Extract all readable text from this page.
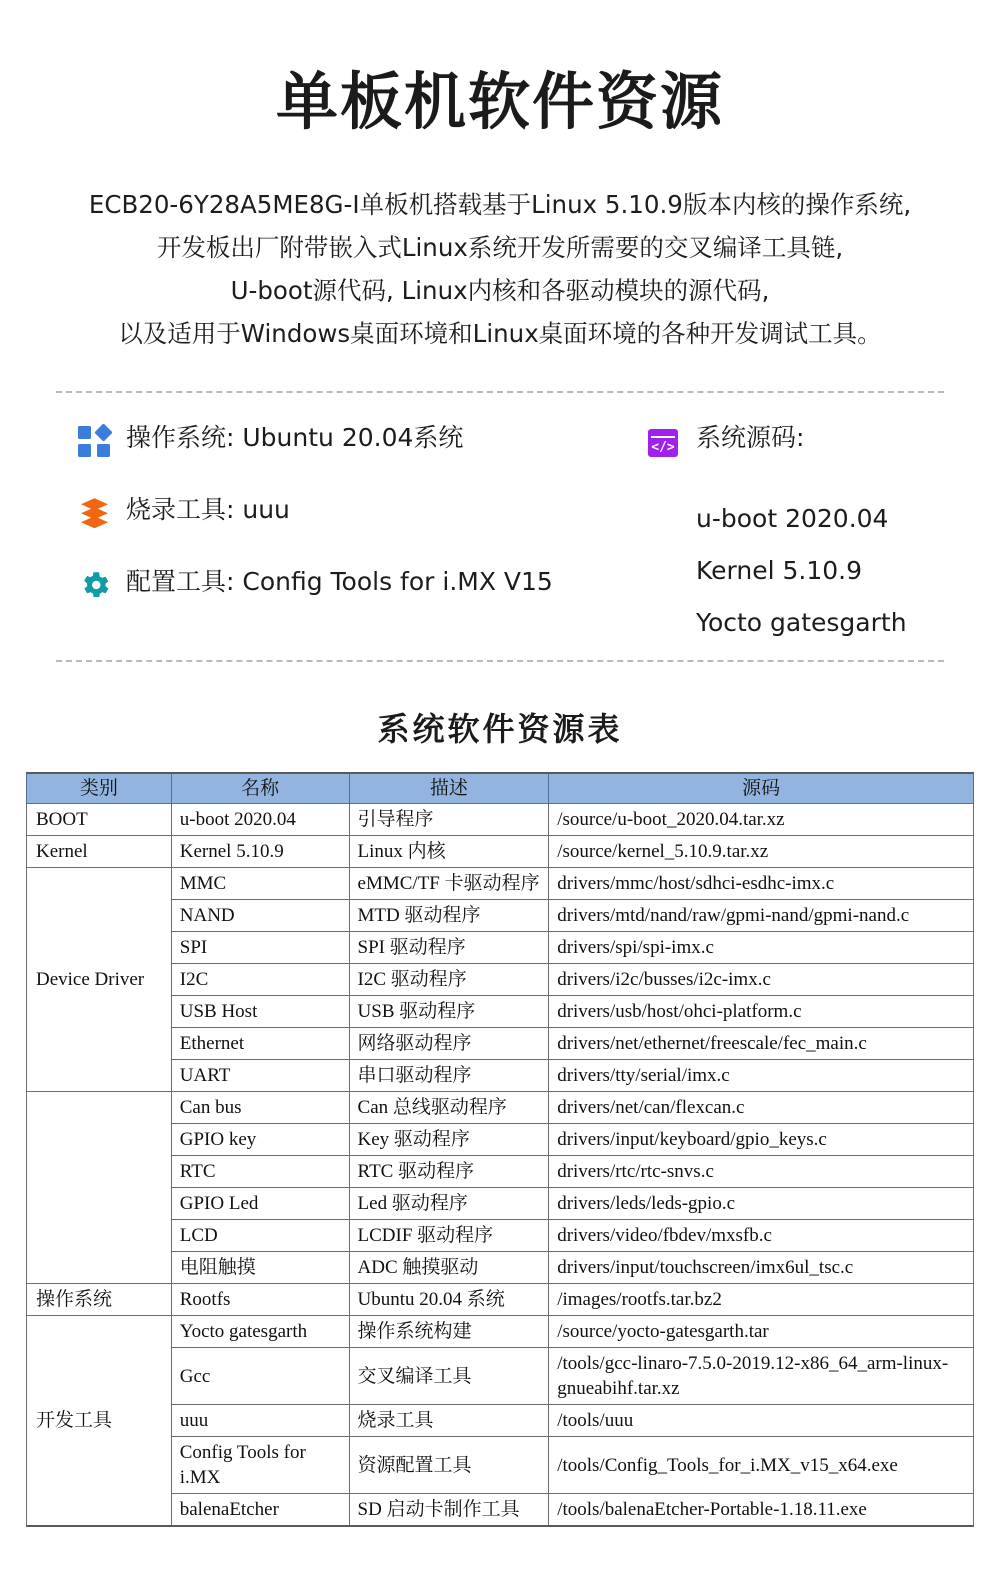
单板机软件资源
ECB20-6Y28A5ME8G-I单板机搭载基于Linux 5.10.9版本内核的操作系统,
开发板出厂附带嵌入式Linux系统开发所需要的交叉编译工具链,
U-boot源代码, Linux内核和各驱动模块的源代码,
以及适用于Windows桌面环境和Linux桌面环境的各种开发调试工具。
操作系统: Ubuntu 20.04系统
烧录工具: uuu
配置工具: Config Tools for i.MX V15
</> 系统源码:
u-boot 2020.04
Kernel 5.10.9
Yocto gatesgarth
系统软件资源表
类别	名称	描述	源码
BOOT	u-boot 2020.04	引导程序	/source/u-boot_2020.04.tar.xz
Kernel	Kernel 5.10.9	Linux 内核	/source/kernel_5.10.9.tar.xz
Device Driver	MMC	eMMC/TF 卡驱动程序	drivers/mmc/host/sdhci-esdhc-imx.c
	NAND	MTD 驱动程序	drivers/mtd/nand/raw/gpmi-nand/gpmi-nand.c
	SPI	SPI 驱动程序	drivers/spi/spi-imx.c
	I2C	I2C 驱动程序	drivers/i2c/busses/i2c-imx.c
	USB Host	USB 驱动程序	drivers/usb/host/ohci-platform.c
	Ethernet	网络驱动程序	drivers/net/ethernet/freescale/fec_main.c
	UART	串口驱动程序	drivers/tty/serial/imx.c
	Can bus	Can 总线驱动程序	drivers/net/can/flexcan.c
	GPIO key	Key 驱动程序	drivers/input/keyboard/gpio_keys.c
	RTC	RTC 驱动程序	drivers/rtc/rtc-snvs.c
	GPIO Led	Led 驱动程序	drivers/leds/leds-gpio.c
	LCD	LCDIF 驱动程序	drivers/video/fbdev/mxsfb.c
	电阻触摸	ADC 触摸驱动	drivers/input/touchscreen/imx6ul_tsc.c
操作系统	Rootfs	Ubuntu 20.04 系统	/images/rootfs.tar.bz2
开发工具	Yocto gatesgarth	操作系统构建	/source/yocto-gatesgarth.tar
	Gcc	交叉编译工具	/tools/gcc-linaro-7.5.0-2019.12-x86_64_arm-linux-gnueabihf.tar.xz
	uuu	烧录工具	/tools/uuu
	Config Tools for i.MX	资源配置工具	/tools/Config_Tools_for_i.MX_v15_x64.exe
	balenaEtcher	SD 启动卡制作工具	/tools/balenaEtcher-Portable-1.18.11.exe
